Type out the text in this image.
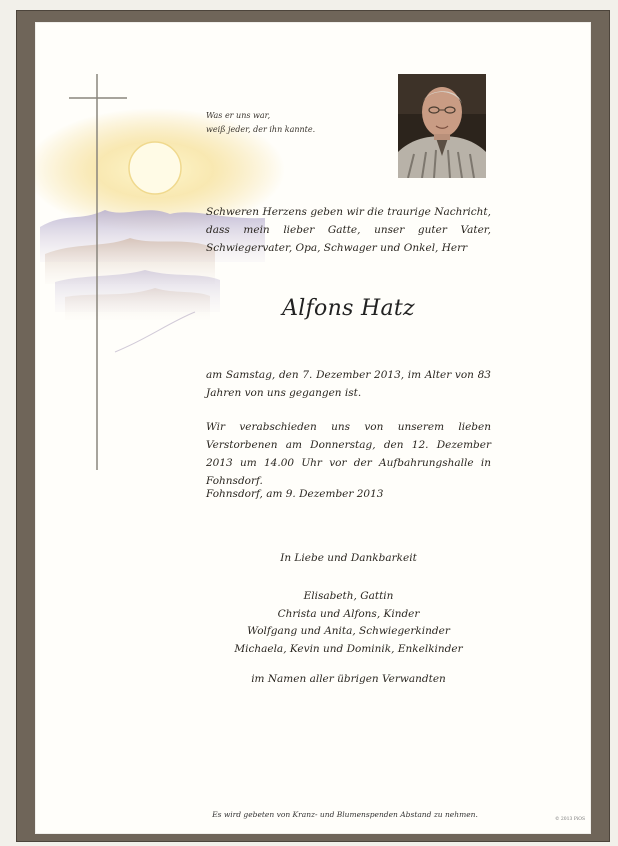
Was er uns war,
weiß jeder, der ihn kannte.
Schweren Herzens geben wir die traurige Nachricht, dass mein lieber Gatte, unser guter Vater, Schwiegervater, Opa, Schwager und Onkel, Herr
Alfons Hatz
am Samstag, den 7. Dezember 2013, im Alter von 83 Jahren von uns gegangen ist.
Wir verabschieden uns von unserem lieben Verstorbenen am Donnerstag, den 12. Dezember 2013 um 14.00 Uhr vor der Aufbahrungshalle in Fohnsdorf.
Fohnsdorf, am 9. Dezember 2013
In Liebe und Dankbarkeit
Elisabeth, Gattin
Christa und Alfons, Kinder
Wolfgang und Anita, Schwiegerkinder
Michaela, Kevin und Dominik, Enkelkinder
im Namen aller übrigen Verwandten
Es wird gebeten von Kranz- und Blumenspenden Abstand zu nehmen.
© 2013 PiOS
